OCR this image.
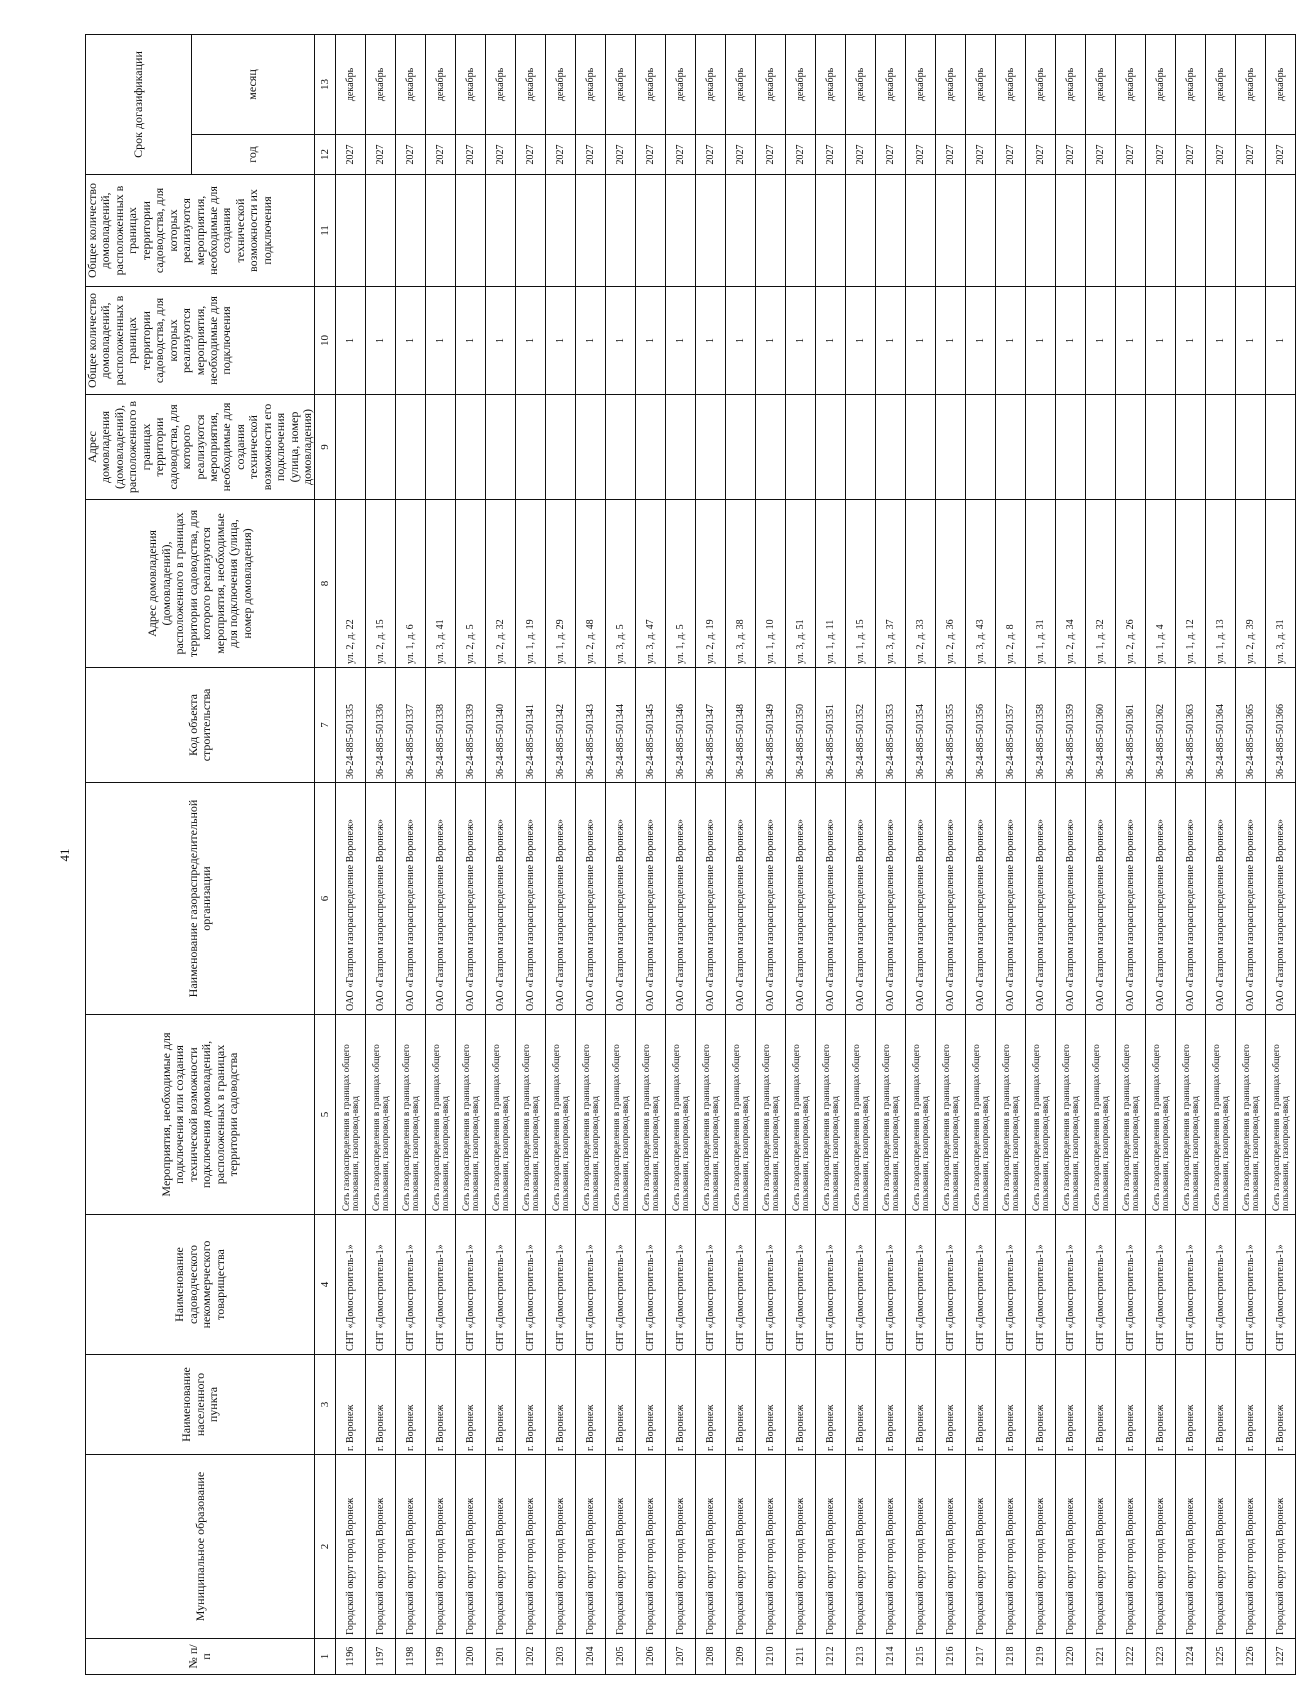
41
№ п/п	Муниципальное образование	Наименование населенного пункта	Наименование садоводческого некоммерческого товарищества	Мероприятия, необходимые для подключения или создания технической возможности подключения домовладений, расположенных в границах территории садоводства	Наименование газораспределительной организации	Код объекта строительства	Адрес домовладения (домовладений), расположенного в границах территории садоводства, для которого реализуются мероприятия, необходимые для подключения (улица, номер домовладения)	Адрес домовладения (домовладений), расположенного в границах территории садоводства, для которого реализуются мероприятия, необходимые для создания технической возможности его подключения (улица, номер домовладения)	Общее количество домовладений, расположенных в границах территории садоводства, для которых реализуются мероприятия, необходимые для подключения	Общее количество домовладений, расположенных в границах территории садоводства, для которых реализуются мероприятия, необходимые для создания технической возможности их подключения	Срок догазификации	
											год	месяц
1	2	3	4	5	6	7	8	9	10	11	12	13
1196	Городской округ город Воронеж	г. Воронеж	СНТ «Домостроитель-1»	Сеть газораспределения в границах общего пользования, газопровод-ввод	ОАО «Газпром газораспределение Воронеж»	36-24-885-501335	ул. 2, д. 22		1		2027	декабрь
1197	Городской округ город Воронеж	г. Воронеж	СНТ «Домостроитель-1»	Сеть газораспределения в границах общего пользования, газопровод-ввод	ОАО «Газпром газораспределение Воронеж»	36-24-885-501336	ул. 2, д. 15		1		2027	декабрь
1198	Городской округ город Воронеж	г. Воронеж	СНТ «Домостроитель-1»	Сеть газораспределения в границах общего пользования, газопровод-ввод	ОАО «Газпром газораспределение Воронеж»	36-24-885-501337	ул. 1, д. 6		1		2027	декабрь
1199	Городской округ город Воронеж	г. Воронеж	СНТ «Домостроитель-1»	Сеть газораспределения в границах общего пользования, газопровод-ввод	ОАО «Газпром газораспределение Воронеж»	36-24-885-501338	ул. 3, д. 41		1		2027	декабрь
1200	Городской округ город Воронеж	г. Воронеж	СНТ «Домостроитель-1»	Сеть газораспределения в границах общего пользования, газопровод-ввод	ОАО «Газпром газораспределение Воронеж»	36-24-885-501339	ул. 2, д. 5		1		2027	декабрь
1201	Городской округ город Воронеж	г. Воронеж	СНТ «Домостроитель-1»	Сеть газораспределения в границах общего пользования, газопровод-ввод	ОАО «Газпром газораспределение Воронеж»	36-24-885-501340	ул. 2, д. 32		1		2027	декабрь
1202	Городской округ город Воронеж	г. Воронеж	СНТ «Домостроитель-1»	Сеть газораспределения в границах общего пользования, газопровод-ввод	ОАО «Газпром газораспределение Воронеж»	36-24-885-501341	ул. 1, д. 19		1		2027	декабрь
1203	Городской округ город Воронеж	г. Воронеж	СНТ «Домостроитель-1»	Сеть газораспределения в границах общего пользования, газопровод-ввод	ОАО «Газпром газораспределение Воронеж»	36-24-885-501342	ул. 1, д. 29		1		2027	декабрь
1204	Городской округ город Воронеж	г. Воронеж	СНТ «Домостроитель-1»	Сеть газораспределения в границах общего пользования, газопровод-ввод	ОАО «Газпром газораспределение Воронеж»	36-24-885-501343	ул. 2, д. 48		1		2027	декабрь
1205	Городской округ город Воронеж	г. Воронеж	СНТ «Домостроитель-1»	Сеть газораспределения в границах общего пользования, газопровод-ввод	ОАО «Газпром газораспределение Воронеж»	36-24-885-501344	ул. 3, д. 5		1		2027	декабрь
1206	Городской округ город Воронеж	г. Воронеж	СНТ «Домостроитель-1»	Сеть газораспределения в границах общего пользования, газопровод-ввод	ОАО «Газпром газораспределение Воронеж»	36-24-885-501345	ул. 3, д. 47		1		2027	декабрь
1207	Городской округ город Воронеж	г. Воронеж	СНТ «Домостроитель-1»	Сеть газораспределения в границах общего пользования, газопровод-ввод	ОАО «Газпром газораспределение Воронеж»	36-24-885-501346	ул. 1, д. 5		1		2027	декабрь
1208	Городской округ город Воронеж	г. Воронеж	СНТ «Домостроитель-1»	Сеть газораспределения в границах общего пользования, газопровод-ввод	ОАО «Газпром газораспределение Воронеж»	36-24-885-501347	ул. 2, д. 19		1		2027	декабрь
1209	Городской округ город Воронеж	г. Воронеж	СНТ «Домостроитель-1»	Сеть газораспределения в границах общего пользования, газопровод-ввод	ОАО «Газпром газораспределение Воронеж»	36-24-885-501348	ул. 3, д. 38		1		2027	декабрь
1210	Городской округ город Воронеж	г. Воронеж	СНТ «Домостроитель-1»	Сеть газораспределения в границах общего пользования, газопровод-ввод	ОАО «Газпром газораспределение Воронеж»	36-24-885-501349	ул. 1, д. 10		1		2027	декабрь
1211	Городской округ город Воронеж	г. Воронеж	СНТ «Домостроитель-1»	Сеть газораспределения в границах общего пользования, газопровод-ввод	ОАО «Газпром газораспределение Воронеж»	36-24-885-501350	ул. 3, д. 51		1		2027	декабрь
1212	Городской округ город Воронеж	г. Воронеж	СНТ «Домостроитель-1»	Сеть газораспределения в границах общего пользования, газопровод-ввод	ОАО «Газпром газораспределение Воронеж»	36-24-885-501351	ул. 1, д. 11		1		2027	декабрь
1213	Городской округ город Воронеж	г. Воронеж	СНТ «Домостроитель-1»	Сеть газораспределения в границах общего пользования, газопровод-ввод	ОАО «Газпром газораспределение Воронеж»	36-24-885-501352	ул. 1, д. 15		1		2027	декабрь
1214	Городской округ город Воронеж	г. Воронеж	СНТ «Домостроитель-1»	Сеть газораспределения в границах общего пользования, газопровод-ввод	ОАО «Газпром газораспределение Воронеж»	36-24-885-501353	ул. 3, д. 37		1		2027	декабрь
1215	Городской округ город Воронеж	г. Воронеж	СНТ «Домостроитель-1»	Сеть газораспределения в границах общего пользования, газопровод-ввод	ОАО «Газпром газораспределение Воронеж»	36-24-885-501354	ул. 2, д. 33		1		2027	декабрь
1216	Городской округ город Воронеж	г. Воронеж	СНТ «Домостроитель-1»	Сеть газораспределения в границах общего пользования, газопровод-ввод	ОАО «Газпром газораспределение Воронеж»	36-24-885-501355	ул. 2, д. 36		1		2027	декабрь
1217	Городской округ город Воронеж	г. Воронеж	СНТ «Домостроитель-1»	Сеть газораспределения в границах общего пользования, газопровод-ввод	ОАО «Газпром газораспределение Воронеж»	36-24-885-501356	ул. 3, д. 43		1		2027	декабрь
1218	Городской округ город Воронеж	г. Воронеж	СНТ «Домостроитель-1»	Сеть газораспределения в границах общего пользования, газопровод-ввод	ОАО «Газпром газораспределение Воронеж»	36-24-885-501357	ул. 2, д. 8		1		2027	декабрь
1219	Городской округ город Воронеж	г. Воронеж	СНТ «Домостроитель-1»	Сеть газораспределения в границах общего пользования, газопровод-ввод	ОАО «Газпром газораспределение Воронеж»	36-24-885-501358	ул. 1, д. 31		1		2027	декабрь
1220	Городской округ город Воронеж	г. Воронеж	СНТ «Домостроитель-1»	Сеть газораспределения в границах общего пользования, газопровод-ввод	ОАО «Газпром газораспределение Воронеж»	36-24-885-501359	ул. 2, д. 34		1		2027	декабрь
1221	Городской округ город Воронеж	г. Воронеж	СНТ «Домостроитель-1»	Сеть газораспределения в границах общего пользования, газопровод-ввод	ОАО «Газпром газораспределение Воронеж»	36-24-885-501360	ул. 1, д. 32		1		2027	декабрь
1222	Городской округ город Воронеж	г. Воронеж	СНТ «Домостроитель-1»	Сеть газораспределения в границах общего пользования, газопровод-ввод	ОАО «Газпром газораспределение Воронеж»	36-24-885-501361	ул. 2, д. 26		1		2027	декабрь
1223	Городской округ город Воронеж	г. Воронеж	СНТ «Домостроитель-1»	Сеть газораспределения в границах общего пользования, газопровод-ввод	ОАО «Газпром газораспределение Воронеж»	36-24-885-501362	ул. 1, д. 4		1		2027	декабрь
1224	Городской округ город Воронеж	г. Воронеж	СНТ «Домостроитель-1»	Сеть газораспределения в границах общего пользования, газопровод-ввод	ОАО «Газпром газораспределение Воронеж»	36-24-885-501363	ул. 1, д. 12		1		2027	декабрь
1225	Городской округ город Воронеж	г. Воронеж	СНТ «Домостроитель-1»	Сеть газораспределения в границах общего пользования, газопровод-ввод	ОАО «Газпром газораспределение Воронеж»	36-24-885-501364	ул. 1, д. 13		1		2027	декабрь
1226	Городской округ город Воронеж	г. Воронеж	СНТ «Домостроитель-1»	Сеть газораспределения в границах общего пользования, газопровод-ввод	ОАО «Газпром газораспределение Воронеж»	36-24-885-501365	ул. 2, д. 39		1		2027	декабрь
1227	Городской округ город Воронеж	г. Воронеж	СНТ «Домостроитель-1»	Сеть газораспределения в границах общего пользования, газопровод-ввод	ОАО «Газпром газораспределение Воронеж»	36-24-885-501366	ул. 3, д. 31		1		2027	декабрь
